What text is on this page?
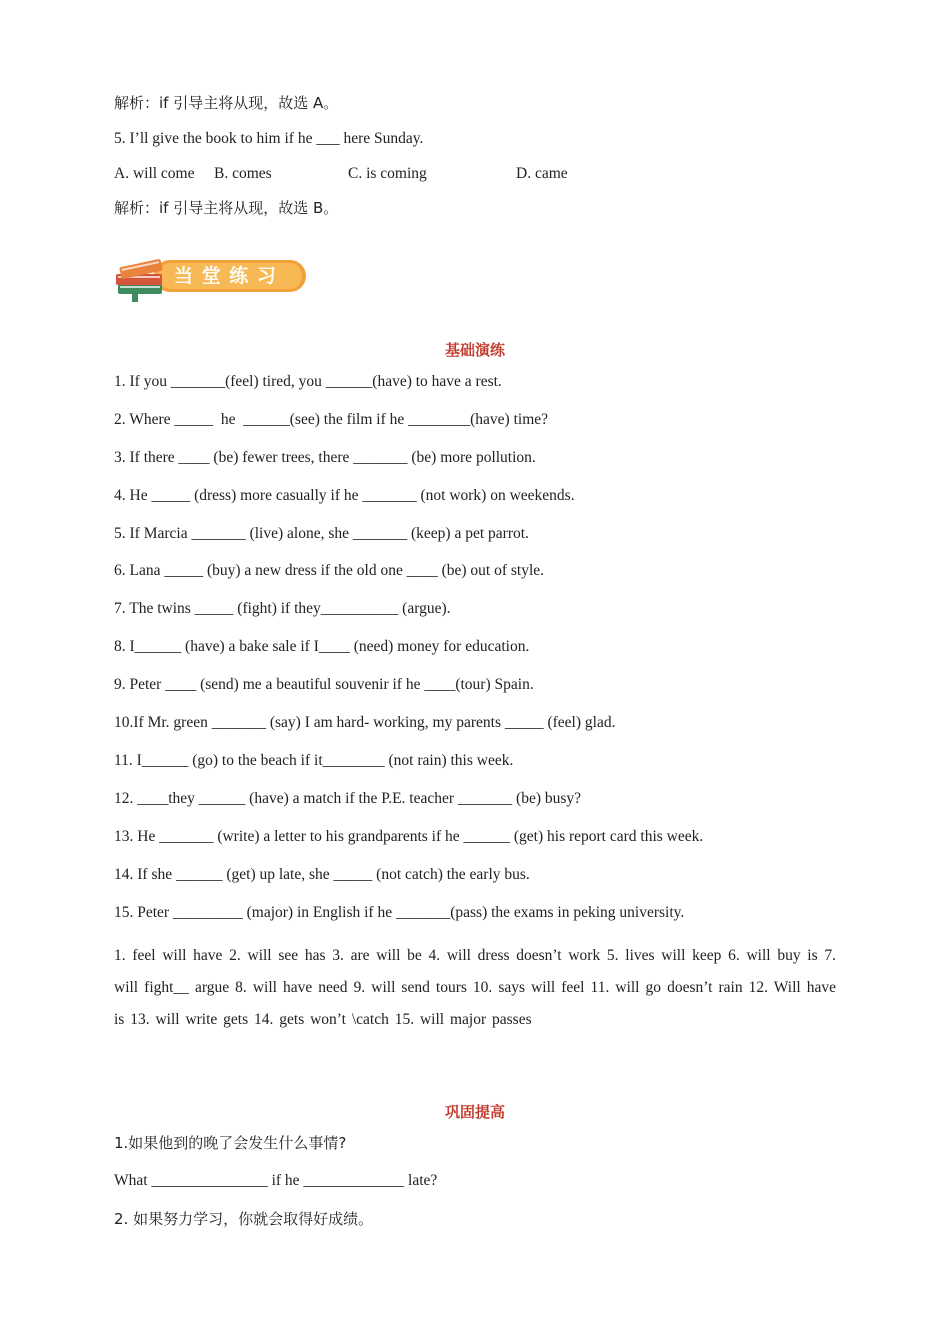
解析：if 引导主将从现，故选 A。
5. I’ll give the book to him if he ___ here Sunday.
A. will come B. comes	C. is coming	D. came
解析：if 引导主将从现，故选 B。
当 堂 练 习
基础演练
1. If you _______(feel) tired, you ______(have) to have a rest.
2. Where _____  he  ______(see) the film if he ________(have) time?
3. If there ____ (be) fewer trees, there _______ (be) more pollution.
4. He _____ (dress) more casually if he _______ (not work) on weekends.
5. If Marcia _______ (live) alone, she _______ (keep) a pet parrot.
6. Lana _____ (buy) a new dress if the old one ____ (be) out of style.
7. The twins _____ (fight) if they__________ (argue).
8. I______ (have) a bake sale if I____ (need) money for education.
9. Peter ____ (send) me a beautiful souvenir if he ____(tour) Spain.
10.If Mr. green _______ (say) I am hard- working, my parents _____ (feel) glad.
11. I______ (go) to the beach if it________ (not rain) this week.
12. ____they ______ (have) a match if the P.E. teacher _______ (be) busy?
13. He _______ (write) a letter to his grandparents if he ______ (get) his report card this week.
14. If she ______ (get) up late, she _____ (not catch) the early bus.
15. Peter _________ (major) in English if he _______(pass) the exams in peking university.
1. feel will have 2. will see has 3. are will be 4. will dress doesn’t work 5. lives will keep 6. will buy is 7. will fight__ argue 8. will have need 9. will send tours 10. says will feel 11. will go doesn’t rain 12. Will have is 13. will write gets 14. gets won’t \catch 15. will major passes
巩固提高
1.如果他到的晚了会发生什么事情?
What _______________ if he _____________ late?
2. 如果努力学习，你就会取得好成绩。
